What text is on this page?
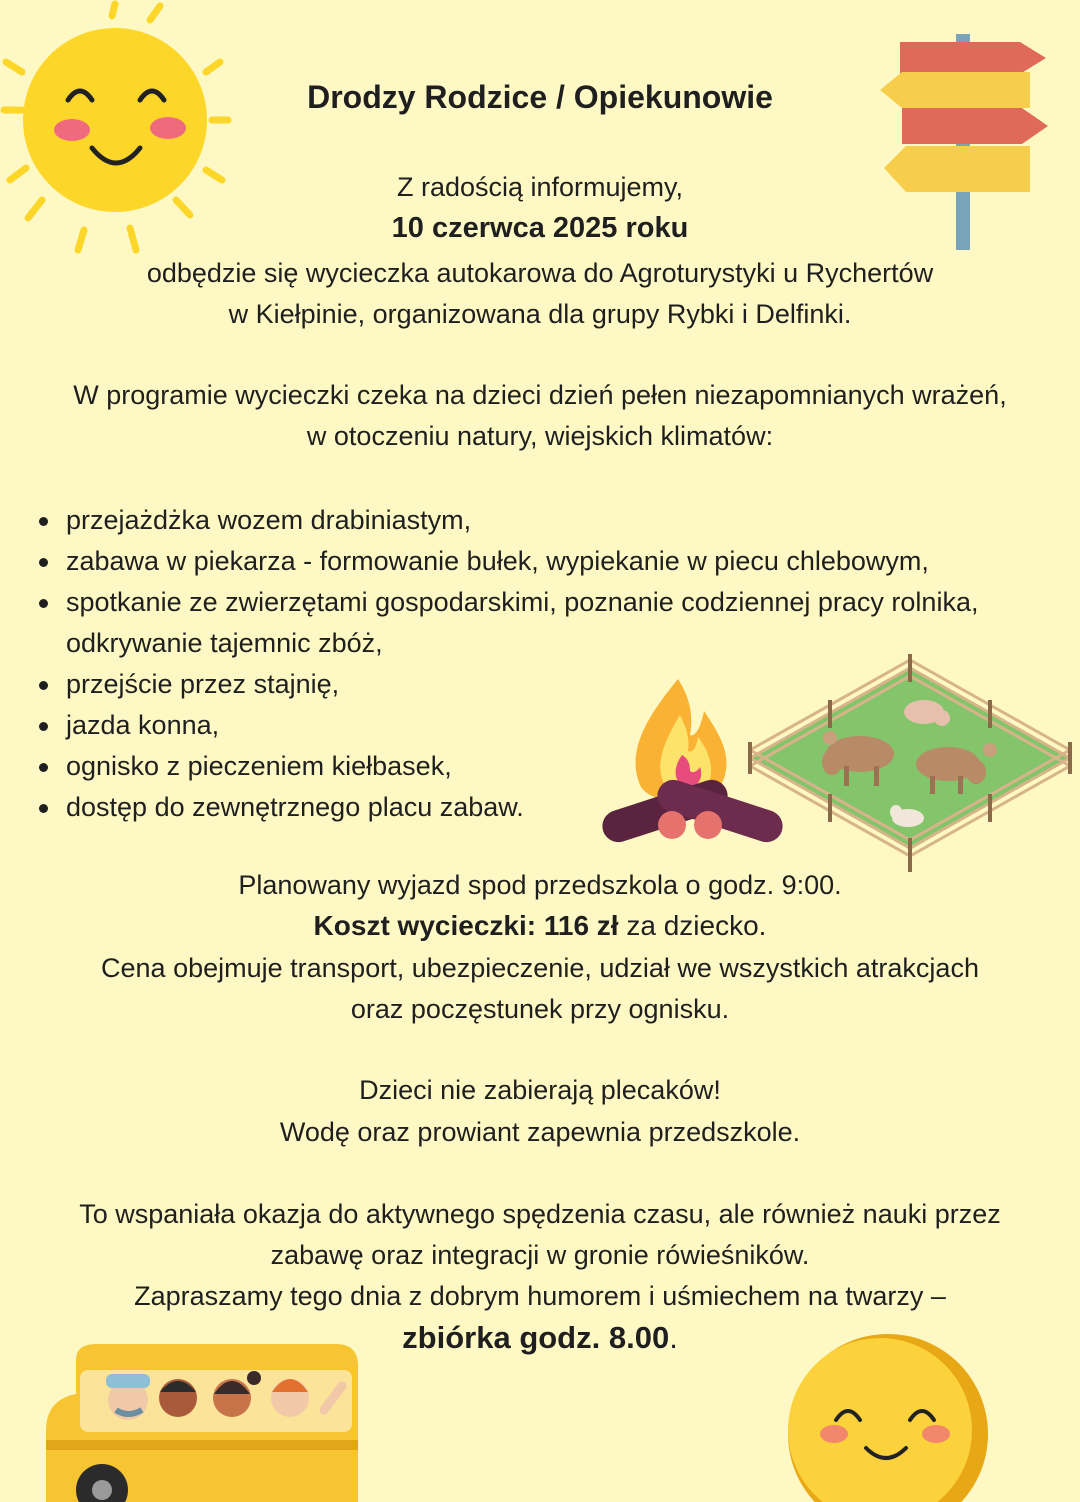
Drodzy Rodzice / Opiekunowie
Z radością informujemy,
10 czerwca 2025 roku
odbędzie się wycieczka autokarowa do Agroturystyki u Rychertów
w Kiełpinie, organizowana dla grupy Rybki i Delfinki.
W programie wycieczki czeka na dzieci dzień pełen niezapomnianych wrażeń,
w otoczeniu natury, wiejskich klimatów:
przejażdżka wozem drabiniastym,
zabawa w piekarza - formowanie bułek, wypiekanie w piecu chlebowym,
spotkanie ze zwierzętami gospodarskimi, poznanie codziennej pracy rolnika, odkrywanie tajemnic zbóż,
przejście przez stajnię,
jazda konna,
ognisko z pieczeniem kiełbasek,
dostęp do zewnętrznego placu zabaw.
Planowany wyjazd spod przedszkola o godz. 9:00.
Koszt wycieczki: 116 zł za dziecko.
Cena obejmuje transport, ubezpieczenie, udział we wszystkich atrakcjach
oraz poczęstunek przy ognisku.
Dzieci nie zabierają plecaków!
Wodę oraz prowiant zapewnia przedszkole.
To wspaniała okazja do aktywnego spędzenia czasu, ale również nauki przez
zabawę oraz integracji w gronie rówieśników.
Zapraszamy tego dnia z dobrym humorem i uśmiechem na twarzy –
zbiórka godz. 8.00.
